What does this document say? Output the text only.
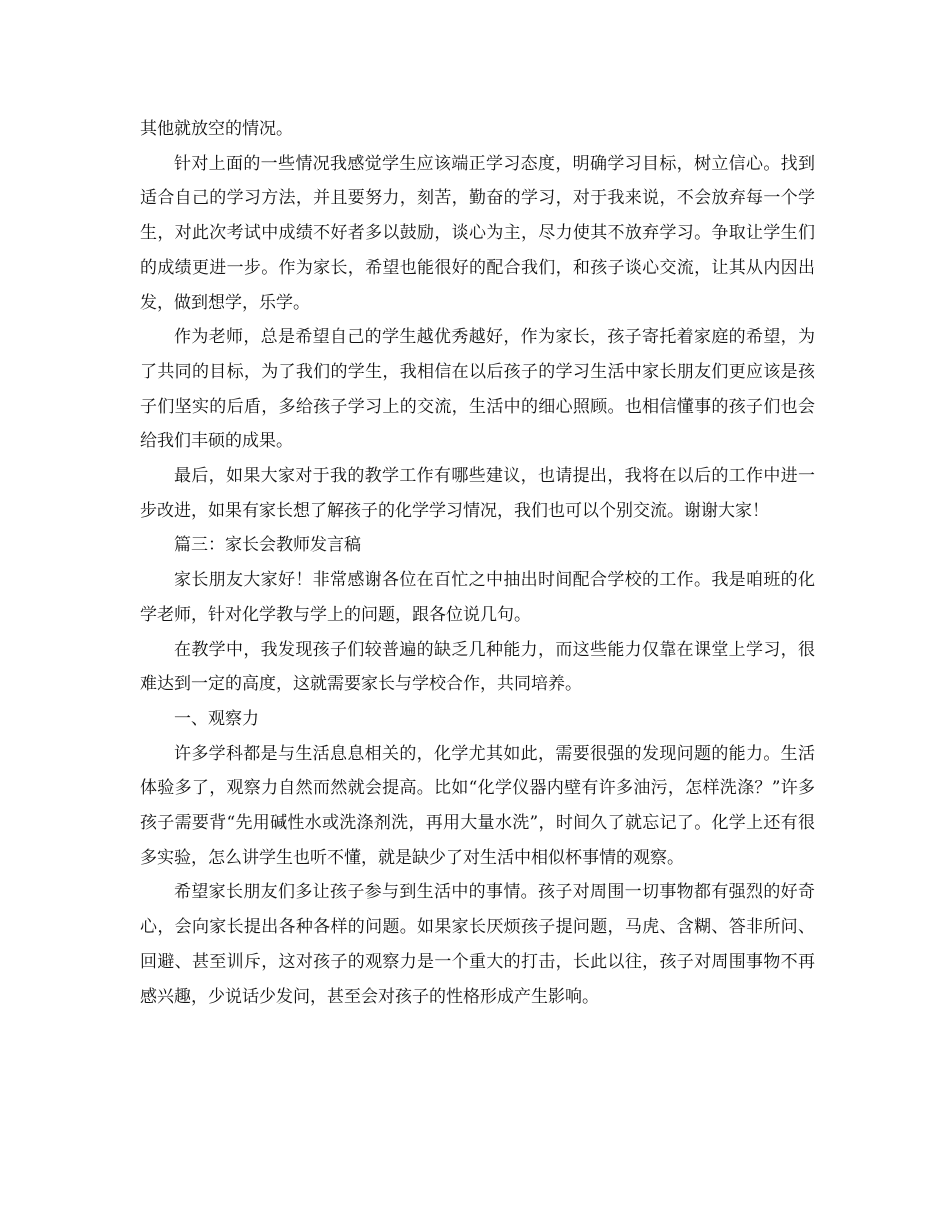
其他就放空的情况。

针对上面的一些情况我感觉学生应该端正学习态度，明确学习目标，树立信心。找到适合自己的学习方法，并且要努力，刻苦，勤奋的学习，对于我来说，不会放弃每一个学生，对此次考试中成绩不好者多以鼓励，谈心为主，尽力使其不放弃学习。争取让学生们的成绩更进一步。作为家长，希望也能很好的配合我们，和孩子谈心交流，让其从内因出发，做到想学，乐学。

作为老师，总是希望自己的学生越优秀越好，作为家长，孩子寄托着家庭的希望，为了共同的目标，为了我们的学生，我相信在以后孩子的学习生活中家长朋友们更应该是孩子们坚实的后盾，多给孩子学习上的交流，生活中的细心照顾。也相信懂事的孩子们也会给我们丰硕的成果。

最后，如果大家对于我的教学工作有哪些建议，也请提出，我将在以后的工作中进一步改进，如果有家长想了解孩子的化学学习情况，我们也可以个别交流。谢谢大家！

篇三：家长会教师发言稿

家长朋友大家好！非常感谢各位在百忙之中抽出时间配合学校的工作。我是咱班的化学老师，针对化学教与学上的问题，跟各位说几句。

在教学中，我发现孩子们较普遍的缺乏几种能力，而这些能力仅靠在课堂上学习，很难达到一定的高度，这就需要家长与学校合作，共同培养。

一、观察力

许多学科都是与生活息息相关的，化学尤其如此，需要很强的发现问题的能力。生活体验多了，观察力自然而然就会提高。比如“化学仪器内壁有许多油污，怎样洗涤？”许多孩子需要背“先用碱性水或洗涤剂洗，再用大量水洗”，时间久了就忘记了。化学上还有很多实验，怎么讲学生也听不懂，就是缺少了对生活中相似杯事情的观察。

希望家长朋友们多让孩子参与到生活中的事情。孩子对周围一切事物都有强烈的好奇心，会向家长提出各种各样的问题。如果家长厌烦孩子提问题，马虎、含糊、答非所问、回避、甚至训斥，这对孩子的观察力是一个重大的打击，长此以往，孩子对周围事物不再感兴趣，少说话少发问，甚至会对孩子的性格形成产生影响。
